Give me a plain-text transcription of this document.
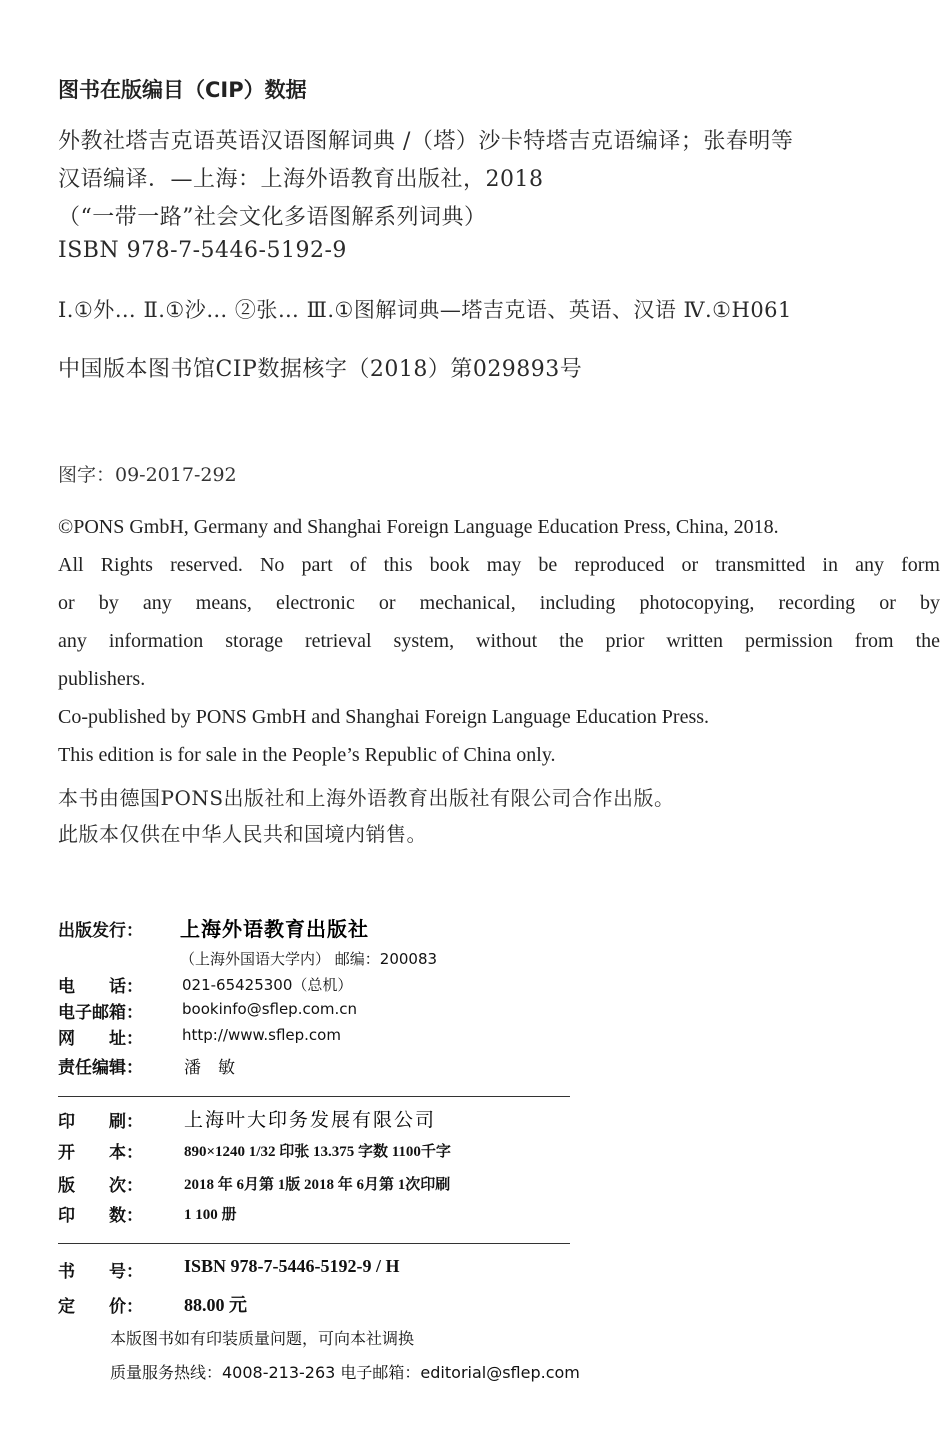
图书在版编目（CIP）数据
外教社塔吉克语英语汉语图解词典 /（塔）沙卡特塔吉克语编译；张春明等
汉语编译．—上海：上海外语教育出版社，2018
（“一带一路”社会文化多语图解系列词典）
ISBN 978-7-5446-5192-9
Ⅰ.①外… Ⅱ.①沙… ②张… Ⅲ.①图解词典—塔吉克语、英语、汉语 Ⅳ.①H061
中国版本图书馆CIP数据核字（2018）第029893号
图字：09-2017-292
©PONS GmbH, Germany and Shanghai Foreign Language Education Press, China, 2018.
All Rights reserved. No part of this book may be reproduced or transmitted in any form
or by any means, electronic or mechanical, including photocopying, recording or by
any information storage retrieval system, without the prior written permission from the
publishers.
Co-published by PONS GmbH and Shanghai Foreign Language Education Press.
This edition is for sale in the People’s Republic of China only.
本书由德国PONS出版社和上海外语教育出版社有限公司合作出版。
此版本仅供在中华人民共和国境内销售。
出版发行： 上海外语教育出版社
（上海外国语大学内） 邮编：200083
电　　话：	021-65425300（总机）
电子邮箱：	bookinfo@sflep.com.cn
网　　址：	http://www.sflep.com
责任编辑： 潘　敏
印　　刷： 上海叶大印务发展有限公司
开　　本：	890×1240 1/32 印张 13.375 字数 1100千字
版　　次：	2018 年 6月第 1版 2018 年 6月第 1次印刷
印　　数：	1 100 册
书　　号： ISBN 978-7-5446-5192-9 / H
定　　价： 88.00 元
本版图书如有印装质量问题，可向本社调换
质量服务热线：4008-213-263 电子邮箱：editorial@sflep.com
